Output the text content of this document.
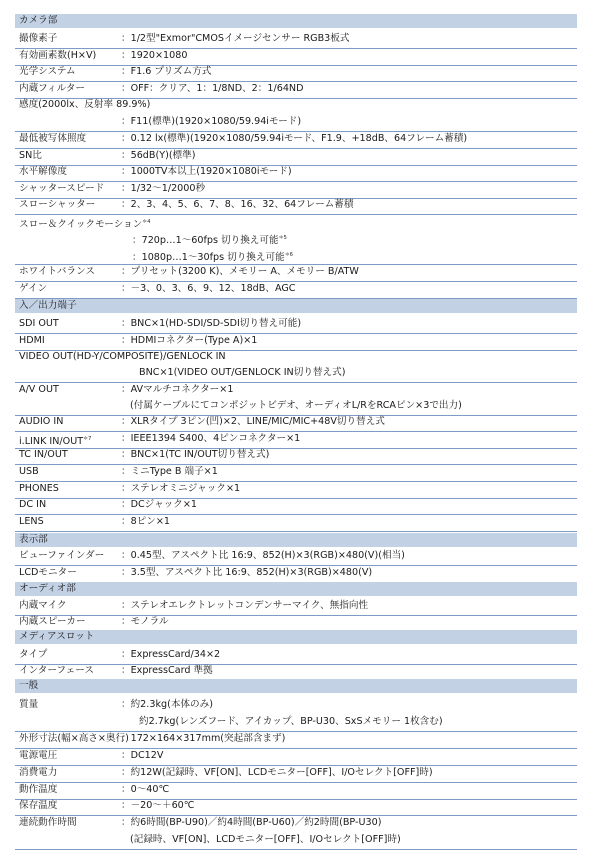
カメラ部
撮像素子	：1/2型"Exmor"CMOSイメージセンサー RGB3板式
有効画素数(H×V)	：1920×1080
光学システム	：F1.6 プリズム方式
内蔵フィルター	：OFF：クリア、1：1/8ND、2：1/64ND
感度(2000lx、反射率 89.9%)
：F11(標準)(1920×1080/59.94iモード)
最低被写体照度	：0.12 lx(標準)(1920×1080/59.94iモード、F1.9、+18dB、64フレーム蓄積)
SN比	：56dB(Y)(標準)
水平解像度	：1000TV本以上(1920×1080iモード)
シャッタースピード ：1/32～1/2000秒
スローシャッター	：2、3、4、5、6、7、8、16、32、64フレーム蓄積
スロー＆クイックモーション$^{*4}$
：720p…1～60fps 切り換え可能$^{*5}$
：1080p…1～30fps 切り換え可能$^{*6}$
ホワイトバランス	：プリセット(3200 K)、メモリー A、メモリー B/ATW
ゲイン	：－3、0、3、6、9、12、18dB、AGC
入／出力端子
SDI OUT	：BNC×1(HD-SDI/SD-SDI切り替え可能)
HDMI	：HDMIコネクター(Type A)×1
VIDEO OUT(HD-Y/COMPOSITE)/GENLOCK IN
BNC×1(VIDEO OUT/GENLOCK IN切り替え式)
A/V OUT	：AVマルチコネクター×1
(付属ケーブルにてコンポジットビデオ、オーディオL/RをRCAピン×3で出力)
AUDIO IN	：XLRタイプ 3ピン(凹)×2、LINE/MIC/MIC+48V切り替え式
i.LINK $IN/OUT^{*7}$	：IEEE1394 S400、4ピンコネクター×1
TC IN/OUT	：BNC×1(TC IN/OUT切り替え式)
USB	：ミニType B 端子×1
PHONES	：ステレオミニジャック×1
DC IN	：DCジャック×1
LENS	：8ピン×1
表示部
ビューファインダー ：0.45型、アスペクト比 16:9、852(H)×3(RGB)×480(V)(相当)
LCDモニター	：3.5型、アスペクト比 16:9、852(H)×3(RGB)×480(V)
オーディオ部
内蔵マイク	：ステレオエレクトレットコンデンサーマイク、無指向性
内蔵スピーカー	：モノラル
メディアスロット
タイプ	：ExpressCard/34×2
インターフェース	：ExpressCard 準拠
一般
質量	：約2.3kg(本体のみ)
約2.7kg(レンズフード、アイカップ、BP-U30、SxSメモリー 1枚含む)
外形寸法(幅×高さ×奥行)
：172×164×317mm(突起部含まず)
電源電圧	：DC12V
消費電力	：約12W(記録時、VF[ON]、LCDモニター[OFF]、I/Oセレクト[OFF]時)
動作温度	：0～40℃
保存温度	：－20～＋60℃
連続動作時間	：約6時間(BP-U90)／約4時間(BP-U60)／約2時間(BP-U30)
(記録時、VF[ON]、LCDモニター[OFF]、I/Oセレクト[OFF]時)
